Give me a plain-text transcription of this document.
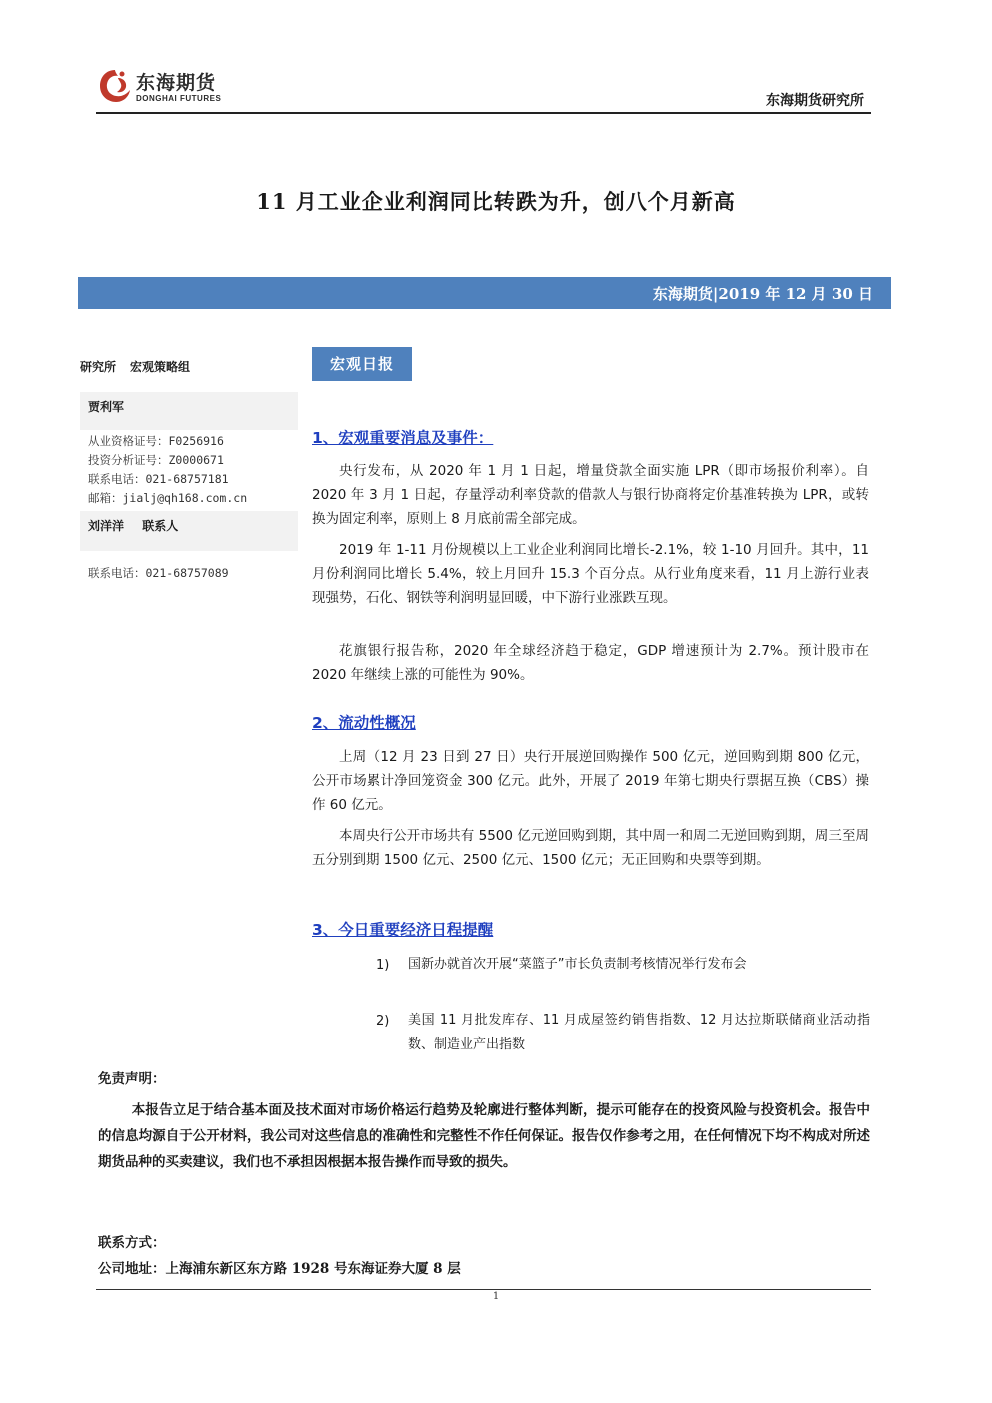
东海期货
DONGHAI FUTURES	东海期货研究所
11 月工业企业利润同比转跌为升，创八个月新高
东海期货|2019 年 12 月 30 日
研究所 宏观策略组
贾利军
从业资格证号：F0256916
投资分析证号：Z0000671
联系电话：021-68757181
邮箱：jialj@qh168.com.cn
刘洋洋 联系人
联系电话：021-68757089
宏观日报
1、宏观重要消息及事件：
央行发布，从 2020 年 1 月 1 日起，增量贷款全面实施 LPR（即市场报价利率）。自 2020 年 3 月 1 日起，存量浮动利率贷款的借款人与银行协商将定价基准转换为 LPR，或转换为固定利率，原则上 8 月底前需全部完成。
2019 年 1-11 月份规模以上工业企业利润同比增长-2.1%，较 1-10 月回升。其中，11 月份利润同比增长 5.4%，较上月回升 15.3 个百分点。从行业角度来看，11 月上游行业表现强势，石化、钢铁等利润明显回暖，中下游行业涨跌互现。
花旗银行报告称，2020 年全球经济趋于稳定，GDP 增速预计为 2.7%。预计股市在 2020 年继续上涨的可能性为 90%。
2、流动性概况
上周（12 月 23 日到 27 日）央行开展逆回购操作 500 亿元，逆回购到期 800 亿元，公开市场累计净回笼资金 300 亿元。此外，开展了 2019 年第七期央行票据互换（CBS）操作 60 亿元。
本周央行公开市场共有 5500 亿元逆回购到期，其中周一和周二无逆回购到期，周三至周五分别到期 1500 亿元、2500 亿元、1500 亿元；无正回购和央票等到期。
3、今日重要经济日程提醒
1) 国新办就首次开展“菜篮子”市长负责制考核情况举行发布会
2) 美国 11 月批发库存、11 月成屋签约销售指数、12 月达拉斯联储商业活动指数、制造业产出指数
免责声明：
本报告立足于结合基本面及技术面对市场价格运行趋势及轮廓进行整体判断，提示可能存在的投资风险与投资机会。报告中的信息均源自于公开材料，我公司对这些信息的准确性和完整性不作任何保证。报告仅作参考之用，在任何情况下均不构成对所述期货品种的买卖建议，我们也不承担因根据本报告操作而导致的损失。
联系方式：
公司地址：上海浦东新区东方路 1928 号东海证券大厦 8 层
1
